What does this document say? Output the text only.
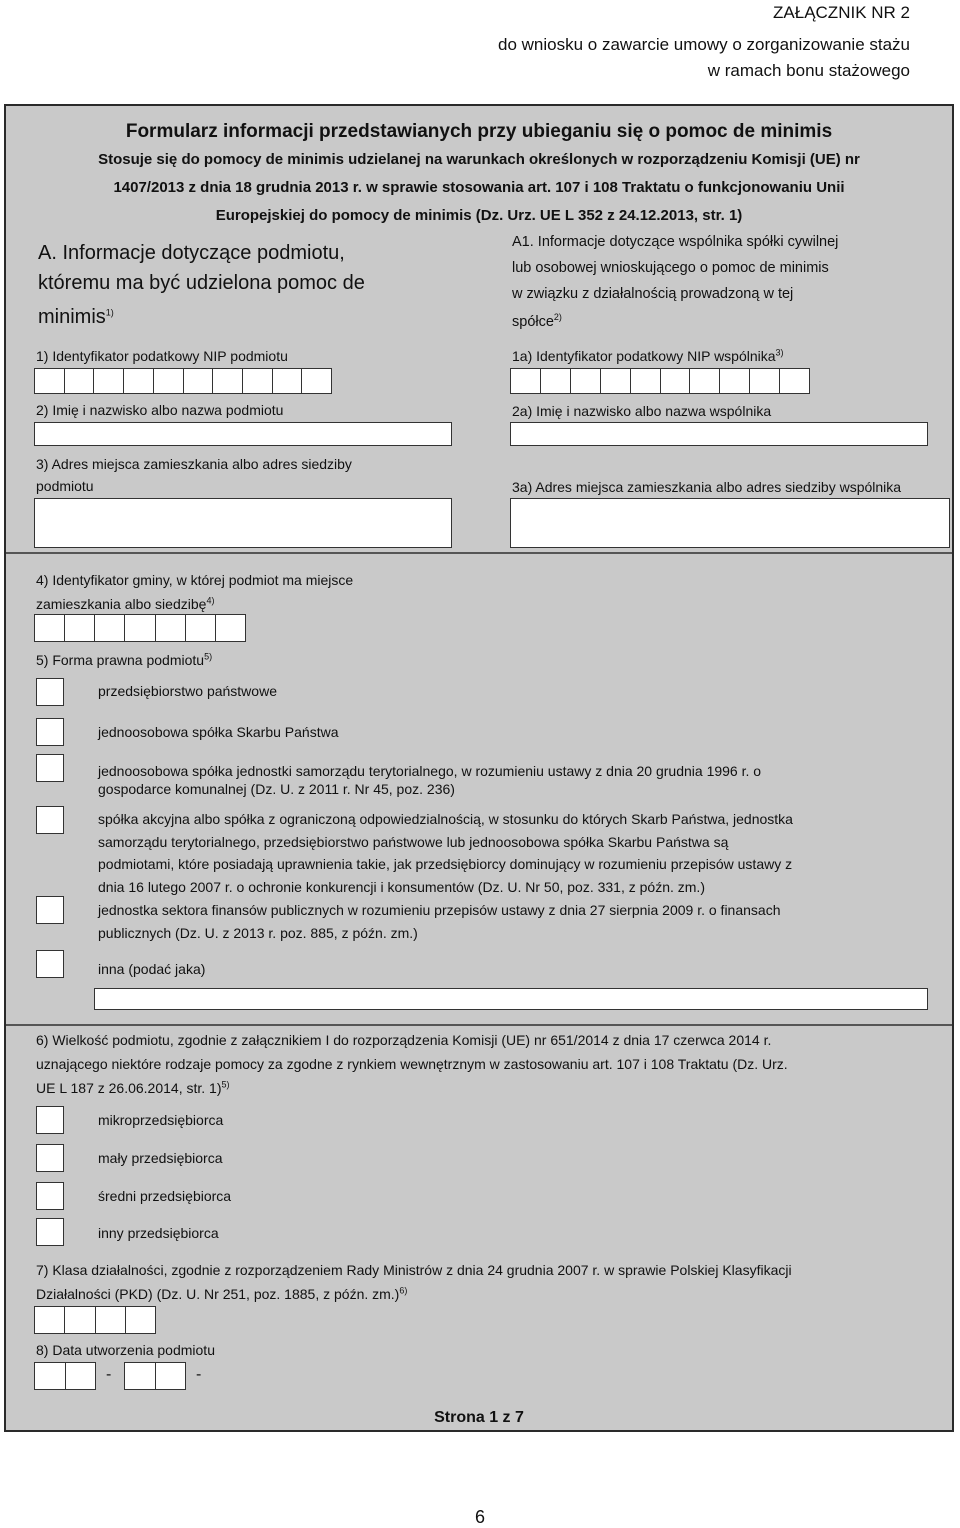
ZAŁĄCZNIK NR 2
do wniosku o zawarcie umowy o zorganizowanie stażu
w ramach bonu stażowego
Formularz informacji przedstawianych przy ubieganiu się o pomoc de minimis
Stosuje się do pomocy de minimis udzielanej na warunkach określonych w rozporządzeniu Komisji (UE) nr
1407/2013 z dnia 18 grudnia 2013 r. w sprawie stosowania art. 107 i 108 Traktatu o funkcjonowaniu Unii
Europejskiej do pomocy de minimis (Dz. Urz. UE L 352 z 24.12.2013, str. 1)
A. Informacje dotyczące podmiotu,
któremu ma być udzielona pomoc de
minimis$^{1)}$
A1. Informacje dotyczące wspólnika spółki cywilnej
lub osobowej wnioskującego o pomoc de minimis
w związku z działalnością prowadzoną w tej
spółce$^{2)}$
1) Identyfikator podatkowy NIP podmiotu	1a) Identyfikator podatkowy NIP wspólnika$^{3)}$
2) Imię i nazwisko albo nazwa podmiotu	2a) Imię i nazwisko albo nazwa wspólnika
3) Adres miejsca zamieszkania albo adres siedziby
podmiotu	3a) Adres miejsca zamieszkania albo adres siedziby wspólnika
4) Identyfikator gminy, w której podmiot ma miejsce
zamieszkania albo siedzibę$^{4)}$
5) Forma prawna podmiotu$^{5)}$
przedsiębiorstwo państwowe
jednoosobowa spółka Skarbu Państwa
jednoosobowa spółka jednostki samorządu terytorialnego, w rozumieniu ustawy z dnia 20 grudnia 1996 r. o
gospodarce komunalnej (Dz. U. z 2011 r. Nr 45, poz. 236)
spółka akcyjna albo spółka z ograniczoną odpowiedzialnością, w stosunku do których Skarb Państwa, jednostka
samorządu terytorialnego, przedsiębiorstwo państwowe lub jednoosobowa spółka Skarbu Państwa są
podmiotami, które posiadają uprawnienia takie, jak przedsiębiorcy dominujący w rozumieniu przepisów ustawy z
dnia 16 lutego 2007 r. o ochronie konkurencji i konsumentów (Dz. U. Nr 50, poz. 331, z późn. zm.)
jednostka sektora finansów publicznych w rozumieniu przepisów ustawy z dnia 27 sierpnia 2009 r. o finansach
publicznych (Dz. U. z 2013 r. poz. 885, z późn. zm.)
inna (podać jaka)
6) Wielkość podmiotu, zgodnie z załącznikiem I do rozporządzenia Komisji (UE) nr 651/2014 z dnia 17 czerwca 2014 r.
uznającego niektóre rodzaje pomocy za zgodne z rynkiem wewnętrznym w zastosowaniu art. 107 i 108 Traktatu (Dz. Urz.
UE L 187 z 26.06.2014, str. 1)$^{5)}$
mikroprzedsiębiorca
mały przedsiębiorca
średni przedsiębiorca
inny przedsiębiorca
7) Klasa działalności, zgodnie z rozporządzeniem Rady Ministrów z dnia 24 grudnia 2007 r. w sprawie Polskiej Klasyfikacji
Działalności (PKD) (Dz. U. Nr 251, poz. 1885, z późn. zm.)$^{6)}$
8) Data utworzenia podmiotu
-	-
Strona 1 z 7
6
